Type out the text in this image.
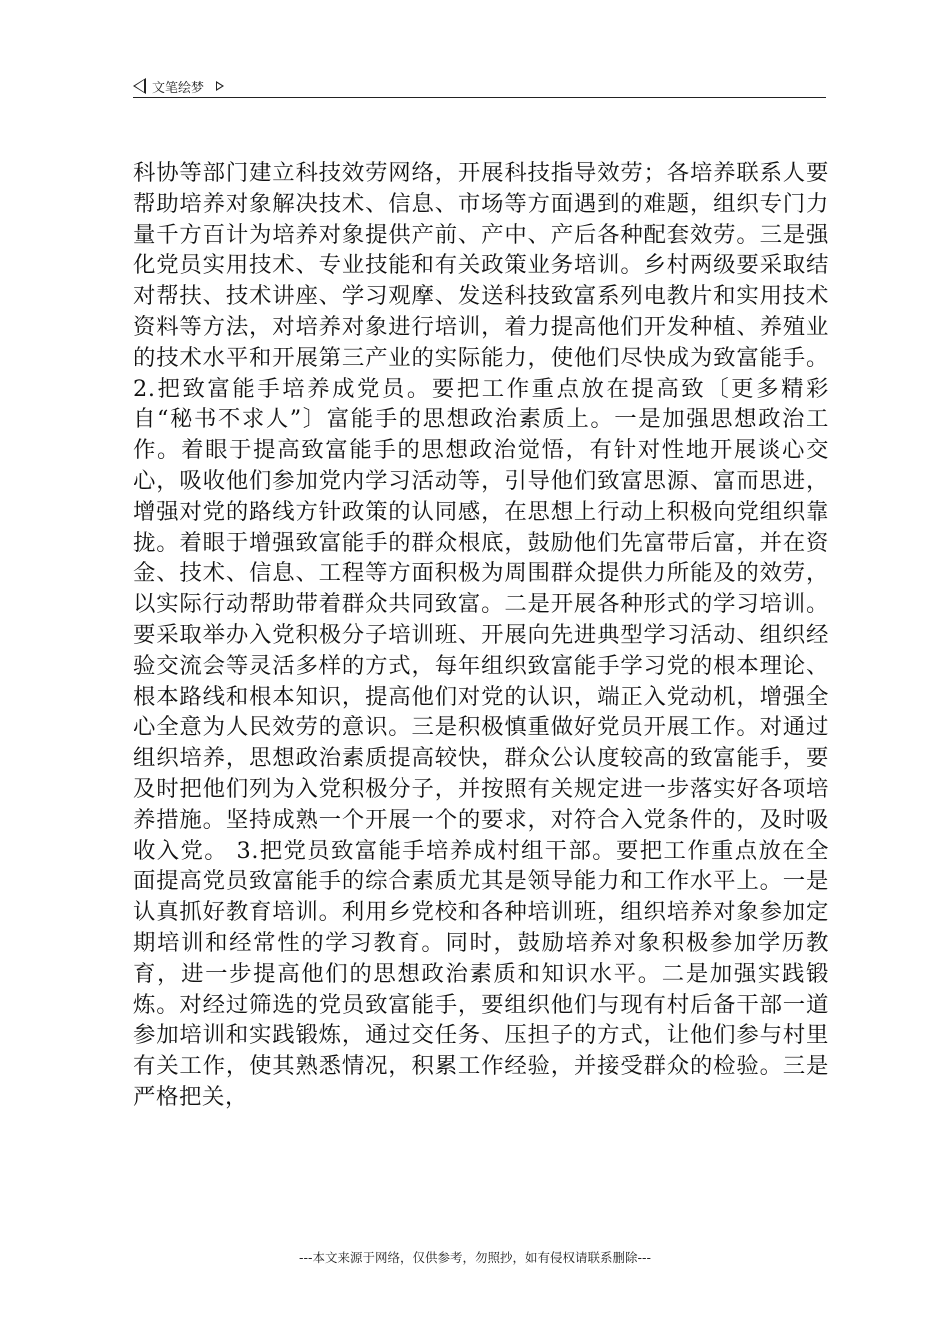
文笔绘梦

科协等部门建立科技效劳网络，开展科技指导效劳；各培养联系人要帮助培养对象解决技术、信息、市场等方面遇到的难题，组织专门力量千方百计为培养对象提供产前、产中、产后各种配套效劳。三是强化党员实用技术、专业技能和有关政策业务培训。乡村两级要采取结对帮扶、技术讲座、学习观摩、发送科技致富系列电教片和实用技术资料等方法，对培养对象进行培训，着力提高他们开发种植、养殖业的技术水平和开展第三产业的实际能力，使他们尽快成为致富能手。 2.把致富能手培养成党员。要把工作重点放在提高致〔更多精彩自“秘书不求人”〕富能手的思想政治素质上。一是加强思想政治工作。着眼于提高致富能手的思想政治觉悟，有针对性地开展谈心交心，吸收他们参加党内学习活动等，引导他们致富思源、富而思进，增强对党的路线方针政策的认同感，在思想上行动上积极向党组织靠拢。着眼于增强致富能手的群众根底，鼓励他们先富带后富，并在资金、技术、信息、工程等方面积极为周围群众提供力所能及的效劳，以实际行动帮助带着群众共同致富。二是开展各种形式的学习培训。要采取举办入党积极分子培训班、开展向先进典型学习活动、组织经验交流会等灵活多样的方式，每年组织致富能手学习党的根本理论、根本路线和根本知识，提高他们对党的认识，端正入党动机，增强全心全意为人民效劳的意识。三是积极慎重做好党员开展工作。对通过组织培养，思想政治素质提高较快，群众公认度较高的致富能手，要及时把他们列为入党积极分子，并按照有关规定进一步落实好各项培养措施。坚持成熟一个开展一个的要求，对符合入党条件的，及时吸收入党。 3.把党员致富能手培养成村组干部。要把工作重点放在全面提高党员致富能手的综合素质尤其是领导能力和工作水平上。一是认真抓好教育培训。利用乡党校和各种培训班，组织培养对象参加定期培训和经常性的学习教育。同时，鼓励培养对象积极参加学历教育，进一步提高他们的思想政治素质和知识水平。二是加强实践锻炼。对经过筛选的党员致富能手，要组织他们与现有村后备干部一道参加培训和实践锻炼，通过交任务、压担子的方式，让他们参与村里有关工作，使其熟悉情况，积累工作经验，并接受群众的检验。三是严格把关，

---本文来源于网络，仅供参考，勿照抄，如有侵权请联系删除---
